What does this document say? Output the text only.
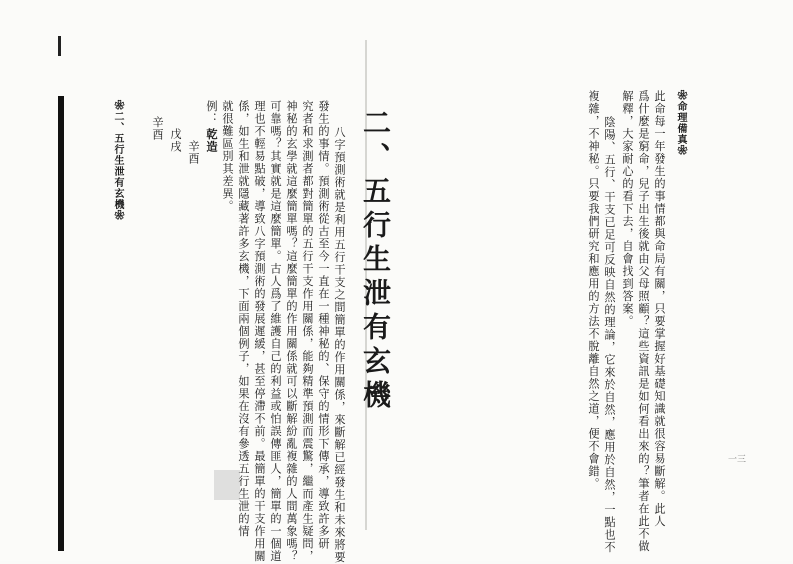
❀命理備真❀
此命每一年發生的事情都與命局有關，只要掌握好基礎知識就很容易斷解。此人
爲什麼是窮命，兒子出生後就由父母照顧？這些資訊是如何看出來的？筆者在此不做
解釋，大家耐心的看下去，自會找到答案。
陰陽、五行、干支已足可反映自然的理論，它來於自然，應用於自然，一點也不
複雜，不神秘。只要我們研究和應用的方法不脫離自然之道，便不會錯。	一三
二、五行生泄有玄機
八字預測術就是利用五行干支之間簡單的作用關係，來斷解已經發生和未來將要
發生的事情。預測術從古至今一直在一種神秘的、保守的情形下傳承，導致許多研
究者和求測者都對簡單的五行干支作用關係，能夠精準預測而震驚，繼而產生疑問，
神秘的玄學就這麼簡單嗎？這麼簡單的作用關係就可以斷解紛亂複雜的人間萬象嗎？
可靠嗎？其實就是這麼簡單。古人爲了維護自己的利益或怕誤傳匪人，簡單的一個道
理也不輕易點破，導致八字預測術的發展遲緩，甚至停滯不前。最簡單的干支作用關
係，如生和泄就隱藏著許多玄機，下面兩個例子，如果在沒有參透五行生泄的情
就很難區別其差異。
例：
乾造
辛酉
戊戌
辛酉
❀二、五行生泄有玄機❀
